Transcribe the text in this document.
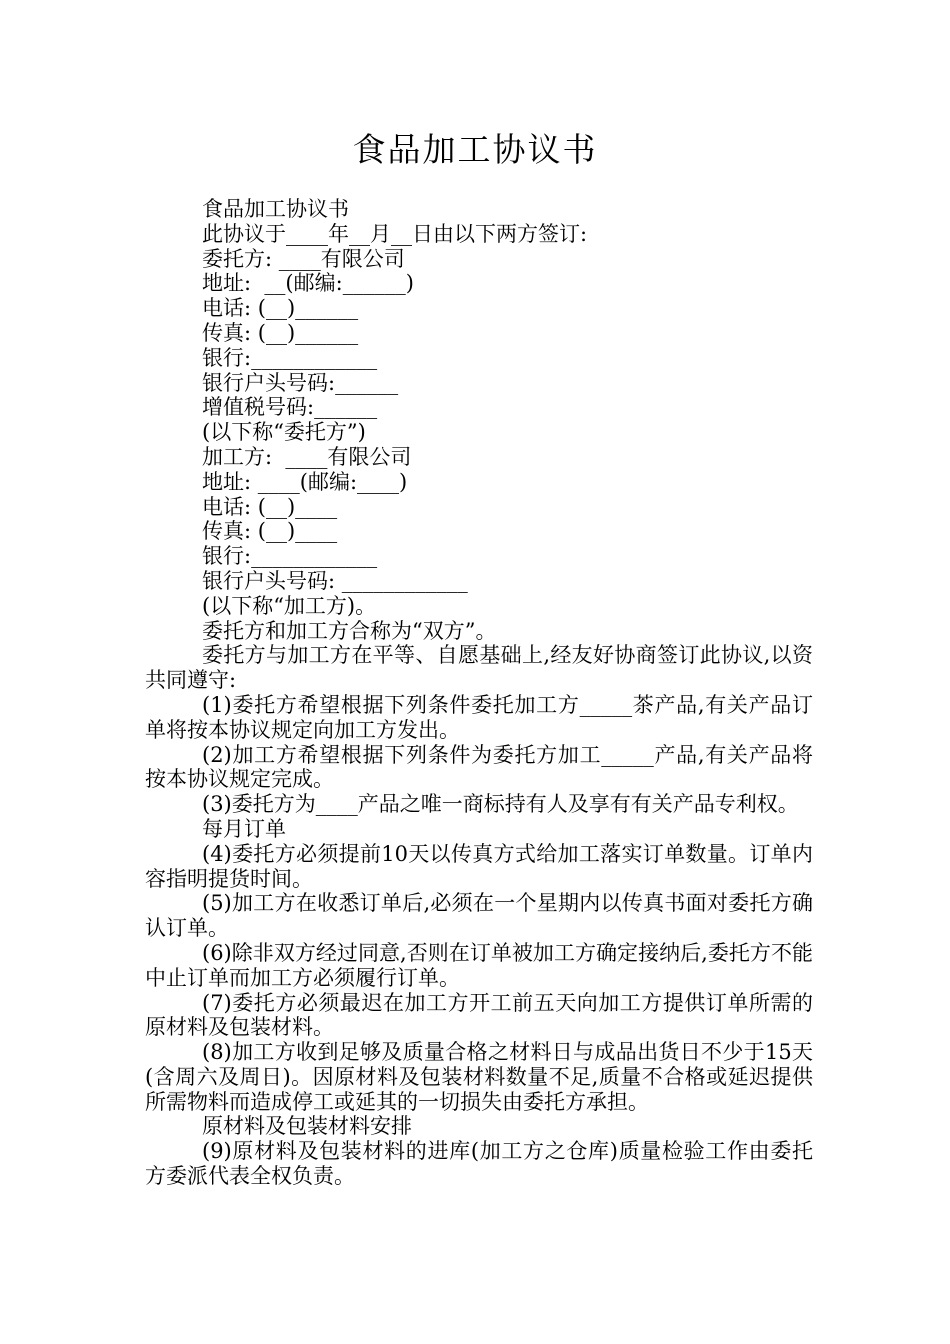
食品加工协议书

食品加工协议书

此协议于____年__月__日由以下两方签订:

委托方: ____有限公司

地址:  __(邮编:______)

电话: (__)______

传真: (__)______

银行:____________

银行户头号码:______

增值税号码:______

(以下称“委托方”)

加工方:  ____有限公司

地址: ____(邮编:____)

电话: (__)____

传真: (__)____

银行:____________

银行户头号码: ____________

(以下称“加工方)。

委托方和加工方合称为“双方”。

委托方与加工方在平等、自愿基础上,经友好协商签订此协议,以资共同遵守:

(1)委托方希望根据下列条件委托加工方_____茶产品,有关产品订单将按本协议规定向加工方发出。

(2)加工方希望根据下列条件为委托方加工_____产品,有关产品将按本协议规定完成。

(3)委托方为____产品之唯一商标持有人及享有有关产品专利权。

每月订单

(4)委托方必须提前10天以传真方式给加工落实订单数量。订单内容指明提货时间。

(5)加工方在收悉订单后,必须在一个星期内以传真书面对委托方确认订单。

(6)除非双方经过同意,否则在订单被加工方确定接纳后,委托方不能中止订单而加工方必须履行订单。

(7)委托方必须最迟在加工方开工前五天向加工方提供订单所需的原材料及包装材料。

(8)加工方收到足够及质量合格之材料日与成品出货日不少于15天(含周六及周日)。因原材料及包装材料数量不足,质量不合格或延迟提供所需物料而造成停工或延其的一切损失由委托方承担。

原材料及包装材料安排

(9)原材料及包装材料的进库(加工方之仓库)质量检验工作由委托方委派代表全权负责。
